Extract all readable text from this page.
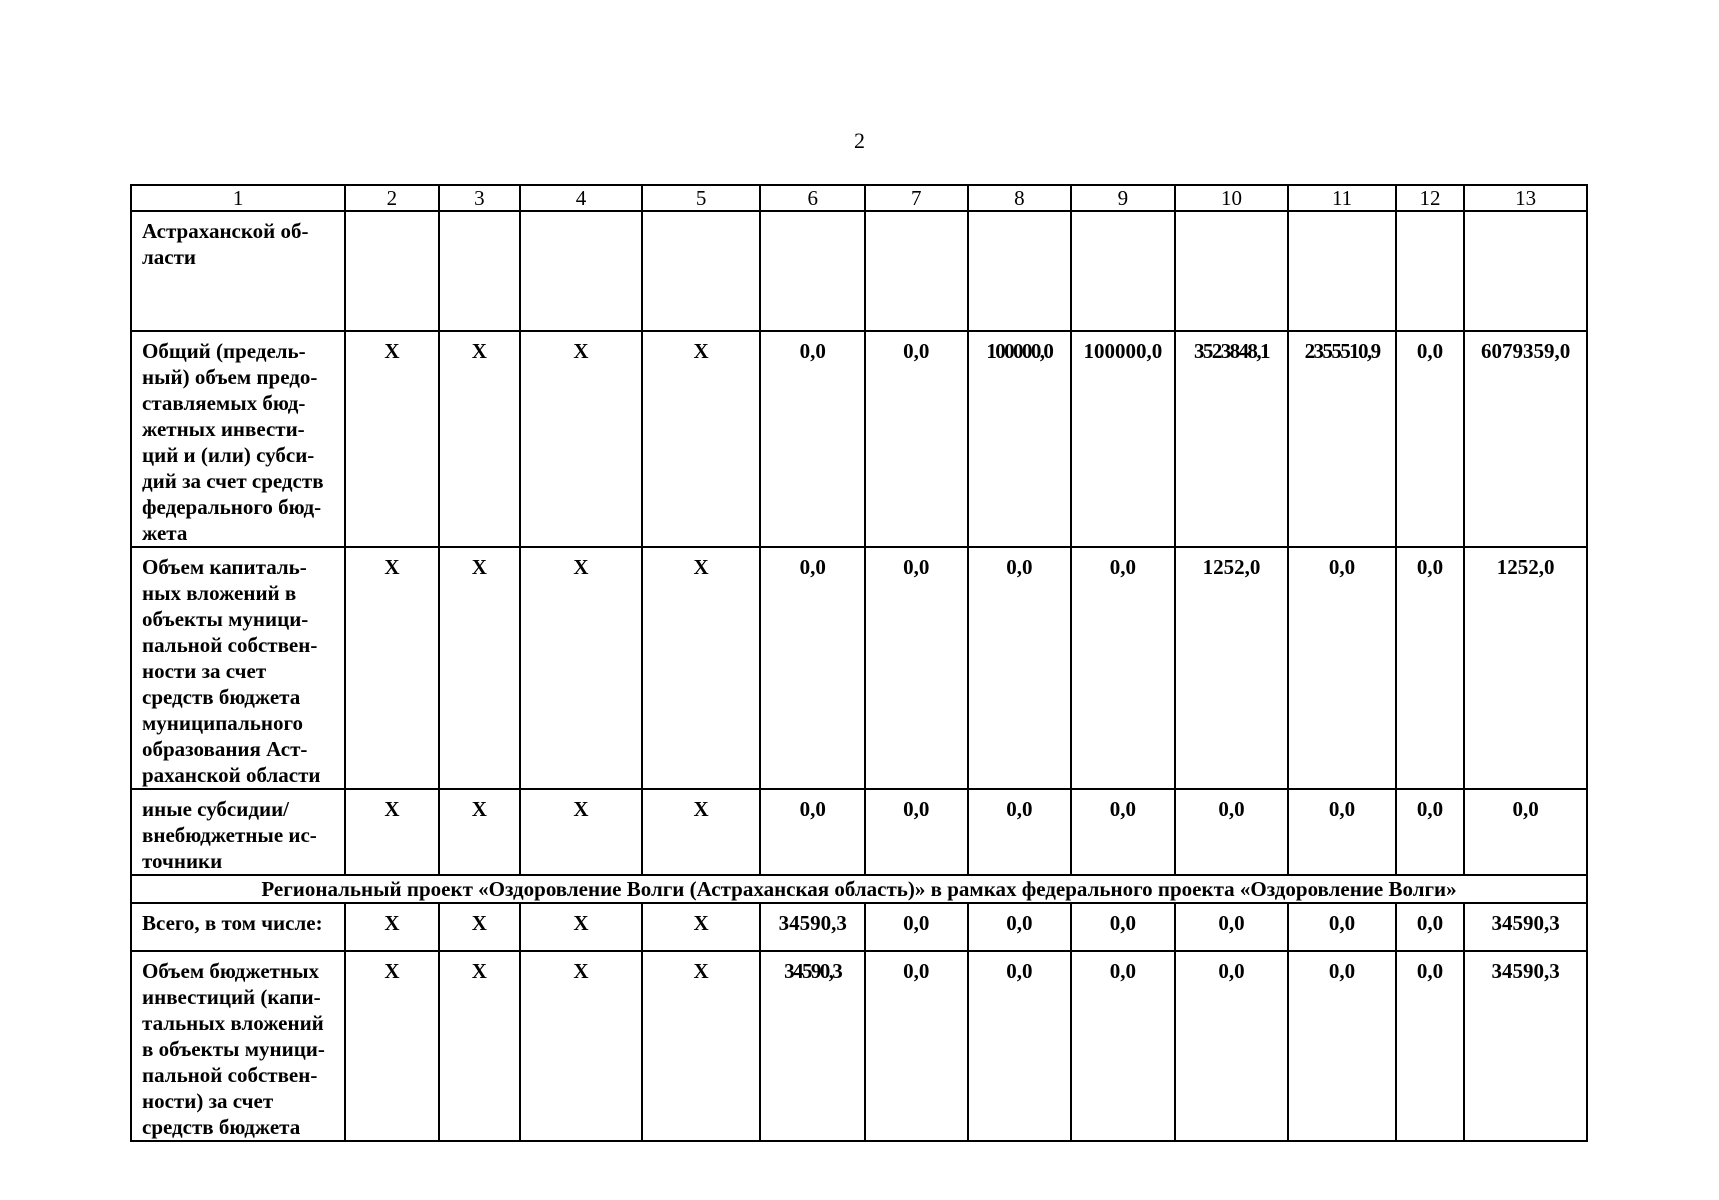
2
1	2	3	4	5	6	7	8	9	10	11	12	13
Астраханской об-ласти												
Общий (предель-ный) объем предо-ставляемых бюд-жетных инвести-ций и (или) субси-дий за счет средств федерального бюд-жета	X	X	X	X	0,0	0,0	100000,0	100000,0	3523848,1	2355510,9	0,0	6079359,0
Объем капиталь-ных вложений в объекты муници-пальной собствен-ности за счет средств бюджета муниципального образования Аст-раханской области	X	X	X	X	0,0	0,0	0,0	0,0	1252,0	0,0	0,0	1252,0
иные субсидии/ внебюджетные ис-точники	X	X	X	X	0,0	0,0	0,0	0,0	0,0	0,0	0,0	0,0
Региональный проект «Оздоровление Волги (Астраханская область)» в рамках федерального проекта «Оздоровление Волги»												
Всего, в том числе:	X	X	X	X	34590,3	0,0	0,0	0,0	0,0	0,0	0,0	34590,3
Объем бюджетных инвестиций (капи-тальных вложений в объекты муници-пальной собствен-ности) за счет средств бюджета	X	X	X	X	34590,3	0,0	0,0	0,0	0,0	0,0	0,0	34590,3
